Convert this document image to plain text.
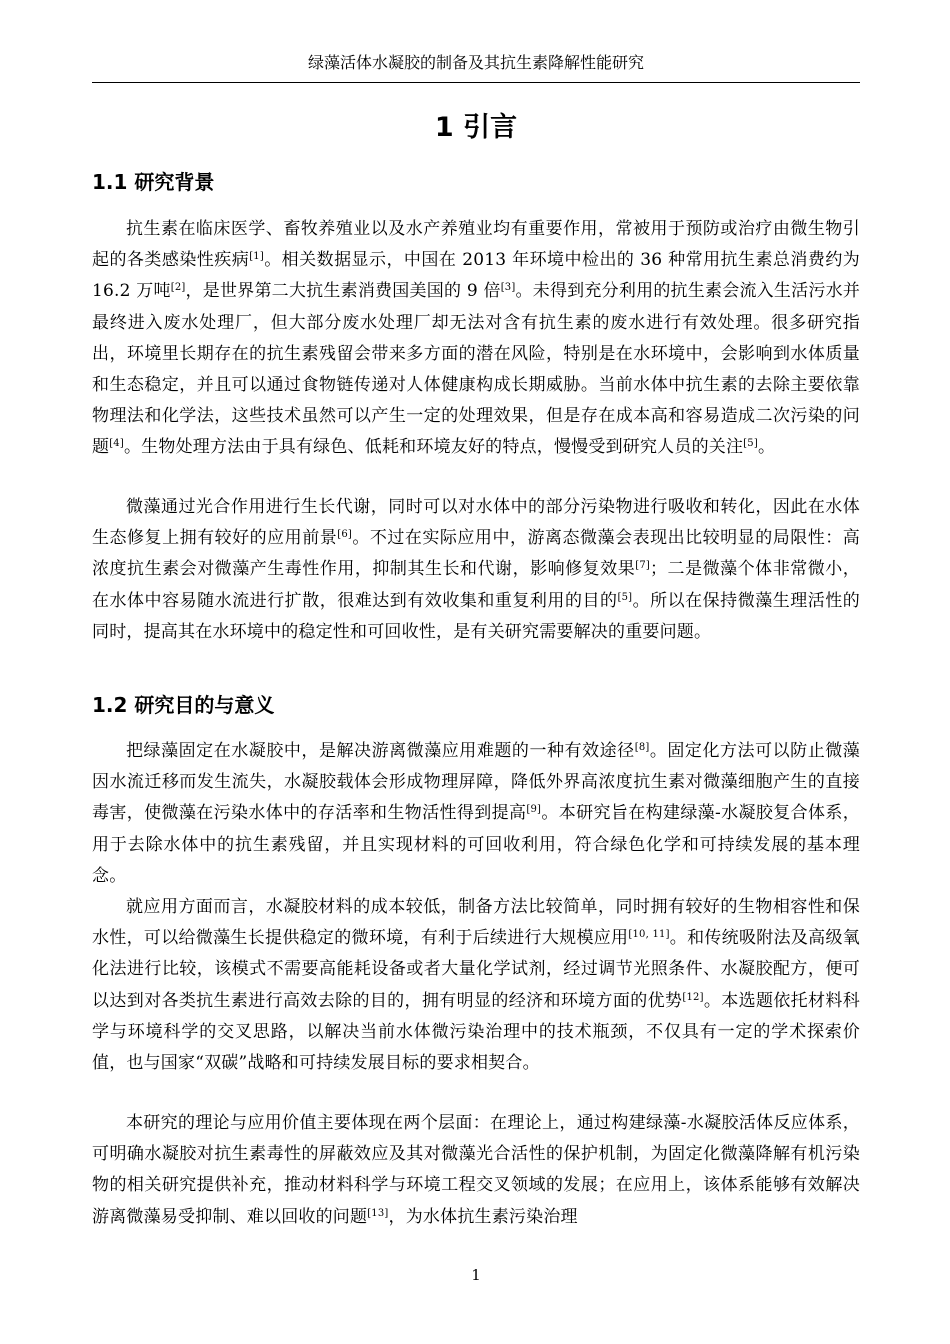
绿藻活体水凝胶的制备及其抗生素降解性能研究
1 引言
1.1 研究背景

抗生素在临床医学、畜牧养殖业以及水产养殖业均有重要作用，常被用于预防或治疗由微生物引起的各类感染性疾病[1]。相关数据显示，中国在 2013 年环境中检出的 36 种常用抗生素总消费约为 16.2 万吨[2]，是世界第二大抗生素消费国美国的 9 倍[3]。未得到充分利用的抗生素会流入生活污水并最终进入废水处理厂，但大部分废水处理厂却无法对含有抗生素的废水进行有效处理。很多研究指出，环境里长期存在的抗生素残留会带来多方面的潜在风险，特别是在水环境中，会影响到水体质量和生态稳定，并且可以通过食物链传递对人体健康构成长期威胁。当前水体中抗生素的去除主要依靠物理法和化学法，这些技术虽然可以产生一定的处理效果，但是存在成本高和容易造成二次污染的问题[4]。生物处理方法由于具有绿色、低耗和环境友好的特点，慢慢受到研究人员的关注[5]。

微藻通过光合作用进行生长代谢，同时可以对水体中的部分污染物进行吸收和转化，因此在水体生态修复上拥有较好的应用前景[6]。不过在实际应用中，游离态微藻会表现出比较明显的局限性：高浓度抗生素会对微藻产生毒性作用，抑制其生长和代谢，影响修复效果[7]；二是微藻个体非常微小，在水体中容易随水流进行扩散，很难达到有效收集和重复利用的目的[5]。所以在保持微藻生理活性的同时，提高其在水环境中的稳定性和可回收性，是有关研究需要解决的重要问题。

1.2 研究目的与意义

把绿藻固定在水凝胶中，是解决游离微藻应用难题的一种有效途径[8]。固定化方法可以防止微藻因水流迁移而发生流失，水凝胶载体会形成物理屏障，降低外界高浓度抗生素对微藻细胞产生的直接毒害，使微藻在污染水体中的存活率和生物活性得到提高[9]。本研究旨在构建绿藻-水凝胶复合体系，用于去除水体中的抗生素残留，并且实现材料的可回收利用，符合绿色化学和可持续发展的基本理念。

就应用方面而言，水凝胶材料的成本较低，制备方法比较简单，同时拥有较好的生物相容性和保水性，可以给微藻生长提供稳定的微环境，有利于后续进行大规模应用[10, 11]。和传统吸附法及高级氧化法进行比较，该模式不需要高能耗设备或者大量化学试剂，经过调节光照条件、水凝胶配方，便可以达到对各类抗生素进行高效去除的目的，拥有明显的经济和环境方面的优势[12]。本选题依托材料科学与环境科学的交叉思路，以解决当前水体微污染治理中的技术瓶颈，不仅具有一定的学术探索价值，也与国家“双碳”战略和可持续发展目标的要求相契合。

本研究的理论与应用价值主要体现在两个层面：在理论上，通过构建绿藻-水凝胶活体反应体系，可明确水凝胶对抗生素毒性的屏蔽效应及其对微藻光合活性的保护机制，为固定化微藻降解有机污染物的相关研究提供补充，推动材料科学与环境工程交叉领域的发展；在应用上，该体系能够有效解决游离微藻易受抑制、难以回收的问题[13]，为水体抗生素污染治理

1
